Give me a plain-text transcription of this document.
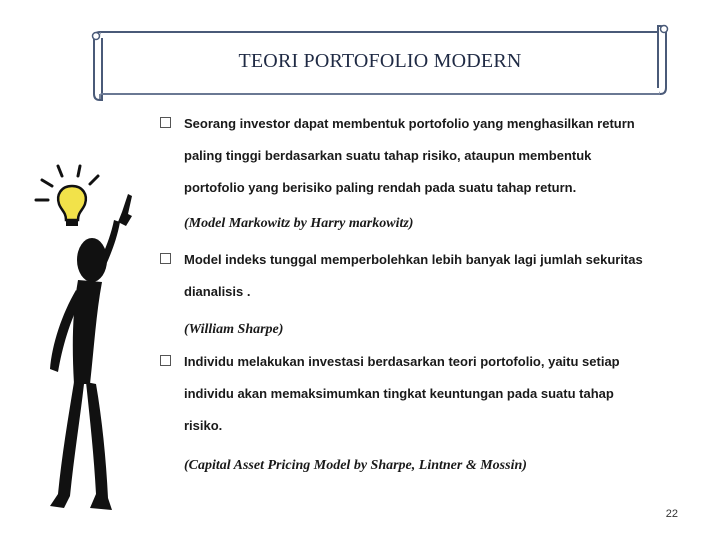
TEORI PORTOFOLIO MODERN
Seorang investor dapat membentuk portofolio yang menghasilkan return
paling tinggi berdasarkan suatu tahap risiko, ataupun membentuk
portofolio yang berisiko paling rendah pada suatu tahap return.
(Model Markowitz by Harry markowitz)
Model indeks tunggal memperbolehkan lebih banyak lagi jumlah sekuritas
dianalisis .
(William Sharpe)
Individu melakukan investasi berdasarkan teori portofolio, yaitu setiap
individu akan memaksimumkan tingkat keuntungan pada suatu tahap
risiko.
(Capital Asset Pricing Model by Sharpe, Lintner & Mossin)
22
